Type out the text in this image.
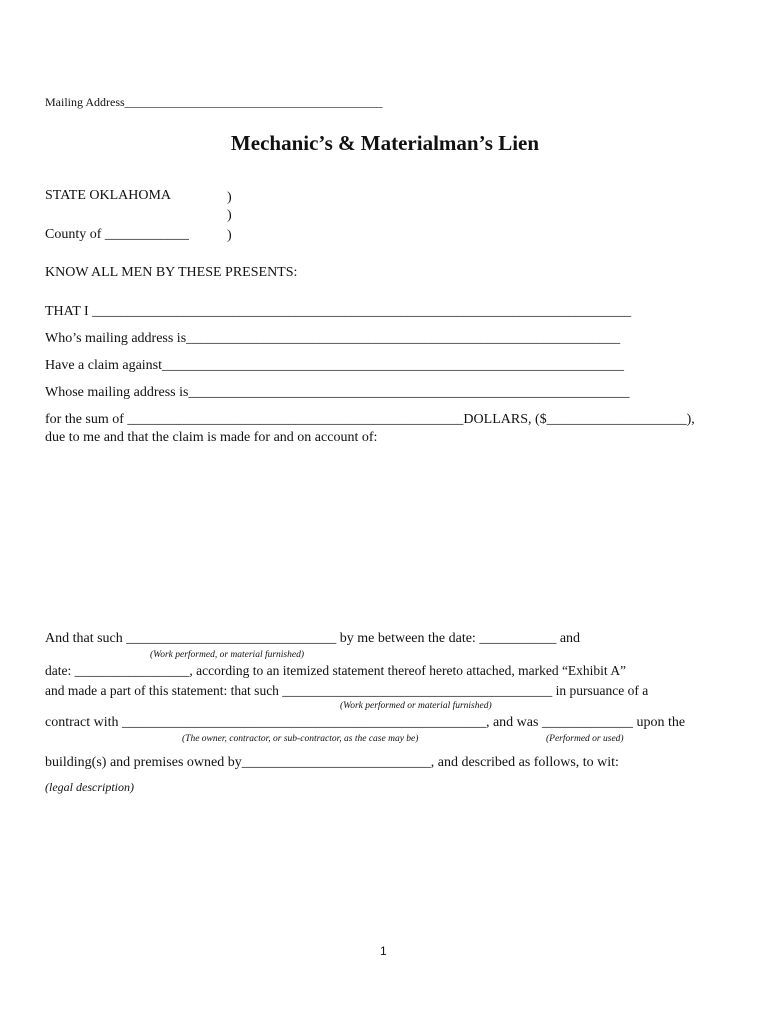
Mailing Address___________________________________________
Mechanic’s & Materialman’s Lien
STATE OKLAHOMA	)
)
)
County of ____________
KNOW ALL MEN BY THESE PRESENTS:
THAT I _____________________________________________________________________________
Who’s mailing address is______________________________________________________________
Have a claim against__________________________________________________________________
Whose mailing address is_______________________________________________________________
for the sum of ________________________________________________DOLLARS, ($____________________),
due to me and that the claim is made for and on account of:
And that such ______________________________ by me between the date: ___________ and
(Work performed, or material furnished)
date: _________________, according to an itemized statement thereof hereto attached, marked “Exhibit A”
and made a part of this statement: that such ________________________________________ in pursuance of a
(Work performed or material furnished)
contract with ____________________________________________________, and was _____________ upon the
(The owner, contractor, or sub-contractor, as the case may be)	(Performed or used)
building(s) and premises owned by___________________________, and described as follows, to wit:
(legal description)
1
